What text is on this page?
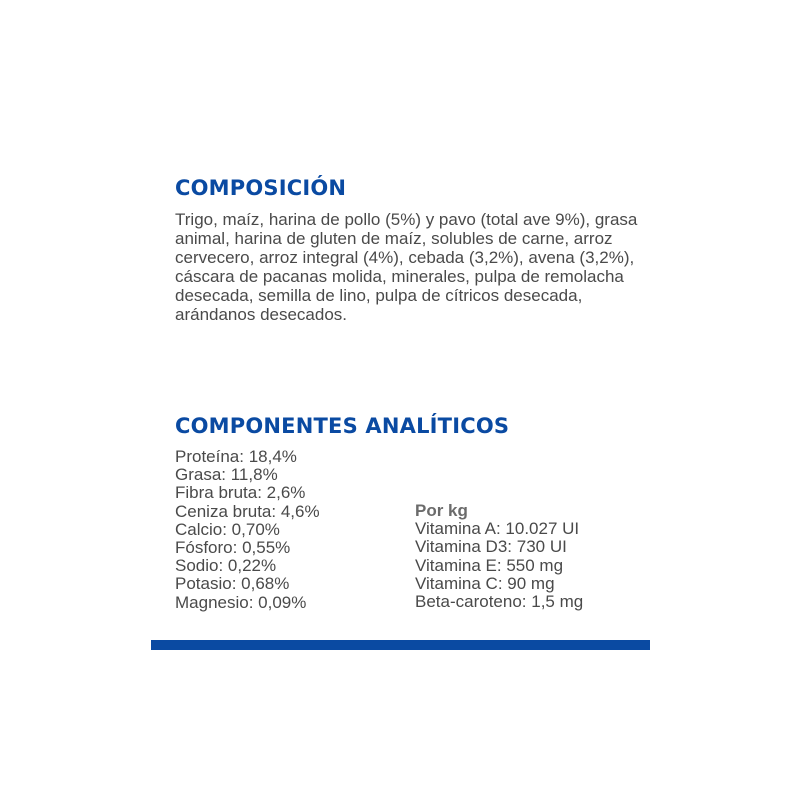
COMPOSICIÓN

Trigo, maíz, harina de pollo (5%) y pavo (total ave 9%), grasa animal, harina de gluten de maíz, solubles de carne, arroz cervecero, arroz integral (4%), cebada (3,2%), avena (3,2%), cáscara de pacanas molida, minerales, pulpa de remolacha desecada, semilla de lino, pulpa de cítricos desecada, arándanos desecados.

COMPONENTES ANALÍTICOS
Proteína: 18,4%
Grasa: 11,8%
Fibra bruta: 2,6%
Ceniza bruta: 4,6%
Calcio: 0,70%
Fósforo: 0,55%
Sodio: 0,22%
Potasio: 0,68%
Magnesio: 0,09%
Por kg
Vitamina A: 10.027 UI
Vitamina D3: 730 UI
Vitamina E: 550 mg
Vitamina C: 90 mg
Beta-caroteno: 1,5 mg
